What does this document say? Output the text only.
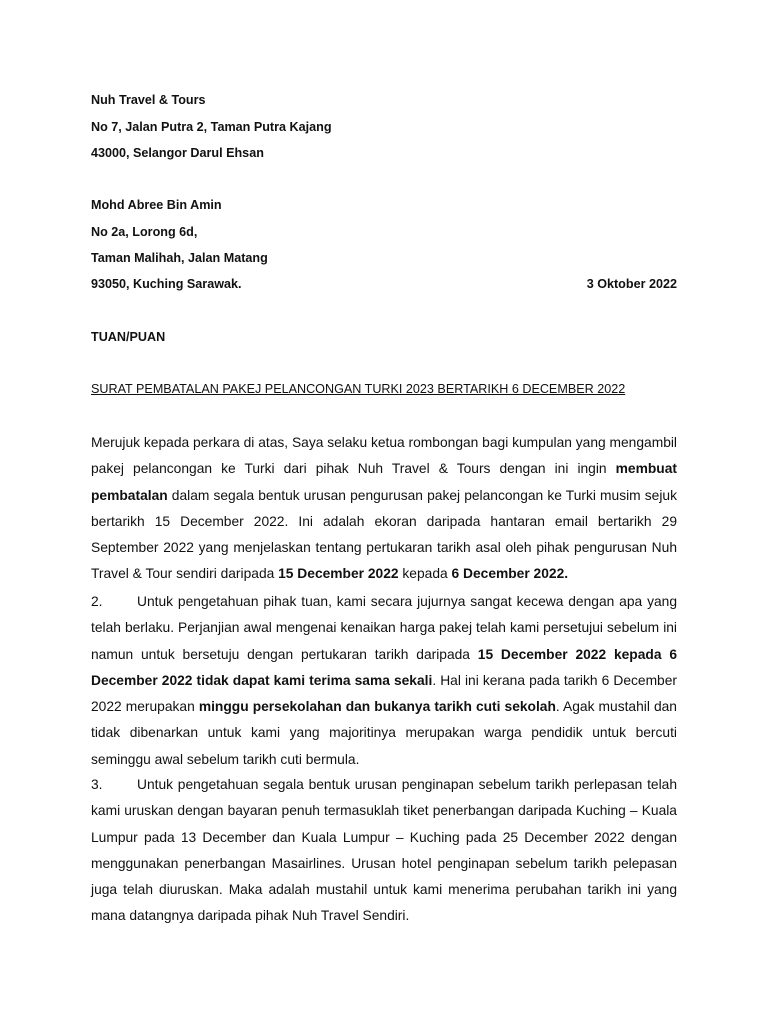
Nuh Travel & Tours

No 7, Jalan Putra 2, Taman Putra Kajang

43000, Selangor Darul Ehsan

Mohd Abree Bin Amin

No 2a, Lorong 6d,

Taman Malihah, Jalan Matang

93050, Kuching Sarawak.	3 Oktober 2022

TUAN/PUAN

SURAT PEMBATALAN PAKEJ PELANCONGAN TURKI 2023 BERTARIKH 6 DECEMBER 2022

Merujuk kepada perkara di atas, Saya selaku ketua rombongan bagi kumpulan yang mengambil pakej pelancongan ke Turki dari pihak Nuh Travel & Tours dengan ini ingin membuat pembatalan dalam segala bentuk urusan pengurusan pakej pelancongan ke Turki musim sejuk bertarikh 15 December 2022. Ini adalah ekoran daripada hantaran email bertarikh 29 September 2022 yang menjelaskan tentang pertukaran tarikh asal oleh pihak pengurusan Nuh Travel & Tour sendiri daripada 15 December 2022 kepada 6 December 2022.

2. Untuk pengetahuan pihak tuan, kami secara jujurnya sangat kecewa dengan apa yang telah berlaku. Perjanjian awal mengenai kenaikan harga pakej telah kami persetujui sebelum ini namun untuk bersetuju dengan pertukaran tarikh daripada 15 December 2022 kepada 6 December 2022 tidak dapat kami terima sama sekali. Hal ini kerana pada tarikh 6 December 2022 merupakan minggu persekolahan dan bukanya tarikh cuti sekolah. Agak mustahil dan tidak dibenarkan untuk kami yang majoritinya merupakan warga pendidik untuk bercuti seminggu awal sebelum tarikh cuti bermula.

3. Untuk pengetahuan segala bentuk urusan penginapan sebelum tarikh perlepasan telah kami uruskan dengan bayaran penuh termasuklah tiket penerbangan daripada Kuching – Kuala Lumpur pada 13 December dan Kuala Lumpur – Kuching pada 25 December 2022 dengan menggunakan penerbangan Masairlines. Urusan hotel penginapan sebelum tarikh pelepasan juga telah diuruskan. Maka adalah mustahil untuk kami menerima perubahan tarikh ini yang mana datangnya daripada pihak Nuh Travel Sendiri.
